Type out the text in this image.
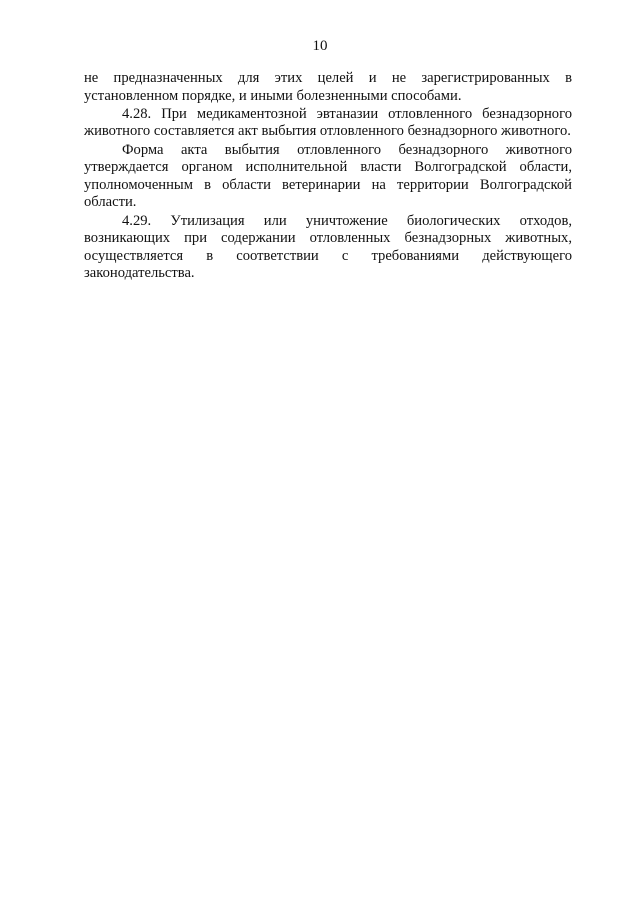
10

не предназначенных для этих целей и не зарегистрированных в установленном порядке, и иными болезненными способами.

4.28. При медикаментозной эвтаназии отловленного безнадзорного животного составляется акт выбытия отловленного безнадзорного животного.

Форма акта выбытия отловленного безнадзорного животного утверждается органом исполнительной власти Волгоградской области, уполномоченным в области ветеринарии на территории Волгоградской области.

4.29. Утилизация или уничтожение биологических отходов, возникающих при содержании отловленных безнадзорных животных, осуществляется в соответствии с требованиями действующего законодательства.
